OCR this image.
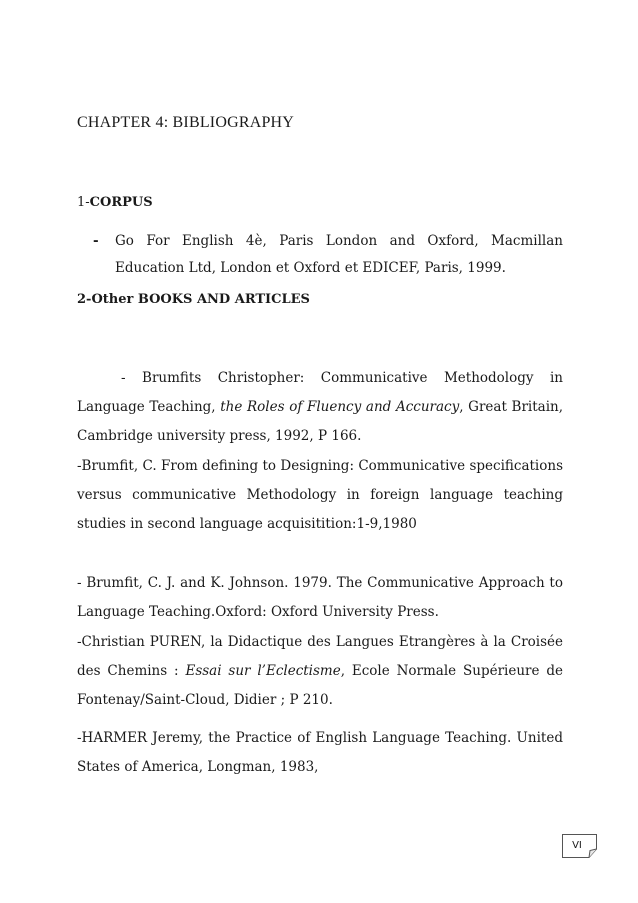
CHAPTER 4: BIBLIOGRAPHY
1-CORPUS
- Go For English 4è, Paris London and Oxford, Macmillan Education Ltd, London et Oxford et EDICEF, Paris, 1999.
2-Other BOOKS AND ARTICLES
- Brumfits Christopher: Communicative Methodology in Language Teaching, the Roles of Fluency and Accuracy, Great Britain, Cambridge university press, 1992, P 166.
-Brumfit, C. From defining to Designing: Communicative specifications versus communicative Methodology in foreign language teaching studies in second language acquisitition:1-9,1980
- Brumfit, C. J. and K. Johnson. 1979. The Communicative Approach to Language Teaching.Oxford: Oxford University Press.
-Christian PUREN, la Didactique des Langues Etrangères à la Croisée des Chemins : Essai sur l’Eclectisme, Ecole Normale Supérieure de Fontenay/Saint-Cloud, Didier ; P 210.
-HARMER Jeremy, the Practice of English Language Teaching. United States of America, Longman, 1983,
VI
